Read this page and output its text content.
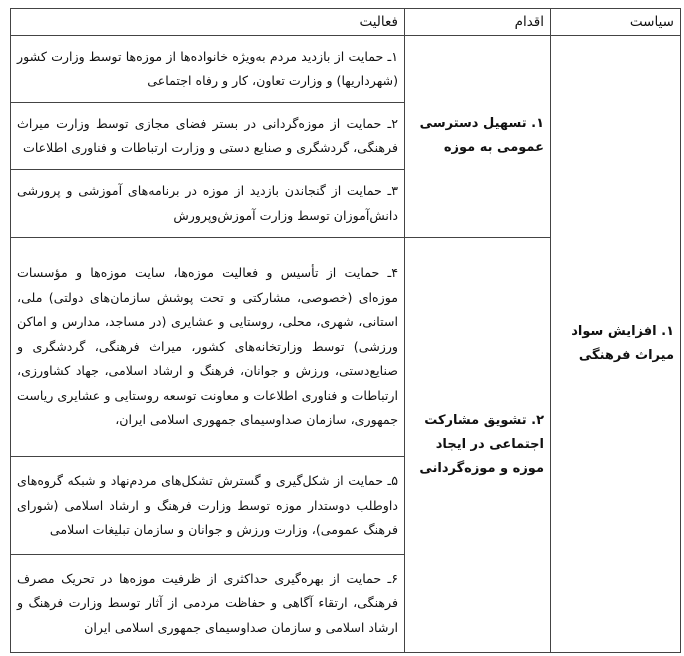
سیاست	اقدام	فعالیت
۱. افزایش سواد میراث فرهنگی	۱. تسهیل دسترسی عمومی به موزه	۱ـ حمایت از بازدید مردم به‌ویژه خانواده‌ها از موزه‌ها توسط وزارت کشور (شهرداریها) و وزارت تعاون، کار و رفاه اجتماعی
		۲ـ حمایت از موزه‌گردانی در بستر فضای مجازی توسط وزارت میراث فرهنگی، گردشگری و صنایع دستی و وزارت ارتباطات و فناوری اطلاعات
		۳ـ حمایت از گنجاندن بازدید از موزه در برنامه‌های آموزشی و پرورشی دانش‌آموزان توسط وزارت آموزش‌وپرورش
	۲. تشویق مشارکت اجتماعی در ایجاد موزه و موزه‌گردانی	۴ـ حمایت از تأسیس و فعالیت موزه‌ها، سایت موزه‌ها و مؤسسات موزه‌ای (خصوصی، مشارکتی و تحت پوشش سازمان‌های دولتی) ملی، استانی، شهری، محلی، روستایی و عشایری (در مساجد، مدارس و اماکن ورزشی) توسط وزارتخانه‌های کشور، میراث فرهنگی، گردشگری و صنایع‌دستی، ورزش و جوانان، فرهنگ و ارشاد اسلامی، جهاد کشاورزی، ارتباطات و فناوری اطلاعات و معاونت توسعه روستایی و عشایری ریاست جمهوری، سازمان صداوسیمای جمهوری اسلامی ایران،
		۵ـ حمایت از شکل‌گیری و گسترش تشکل‌های مردم‌نهاد و شبکه گروه‌های داوطلب دوستدار موزه توسط وزارت فرهنگ و ارشاد اسلامی (شورای فرهنگ عمومی)، وزارت ورزش و جوانان و سازمان تبلیغات اسلامی
		۶ـ حمایت از بهره‌گیری حداکثری از ظرفیت موزه‌ها در تحریک مصرف فرهنگی، ارتقاء آگاهی و حفاظت مردمی از آثار توسط وزارت فرهنگ و ارشاد اسلامی و سازمان صداوسیمای جمهوری اسلامی ایران
